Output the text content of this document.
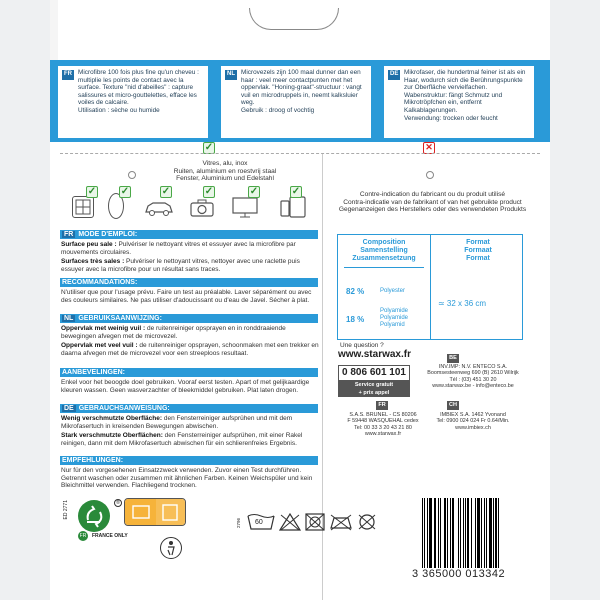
FR Microfibre 100 fois plus fine qu'un cheveu : multiplie les points de contact avec la surface. Texture "nid d'abeilles" : capture salissures et micro-gouttelettes, efface les voiles de calcaire.
Utilisation : sèche ou humide
NL Microvezels zijn 100 maal dunner dan een haar : veel meer contactpunten met het oppervlak. "Honing-graat"-structuur : vangt vuil en microdruppels in, neemt kalksluier weg.
Gebruik : droog of vochtig
DE Mikrofaser, die hundertmal feiner ist als ein Haar, wodurch sich die Berührungspunkte zur Oberfläche vervielfachen. Wabenstruktur: fängt Schmutz und Mikrotröpfchen ein, entfernt Kalkablagerungen.
Verwendung: trocken oder feucht
✓	✕
Vitres, alu, inox
Ruiten, aluminium en roestvrij staal
Fenster, Aluminium und Edelstahl
✓ ✓	✓	✓	✓	✓	Contre-indication du fabricant ou du produit utilisé
Contra-indicatie van de fabrikant of van het gebruikte product
Gegenanzeigen des Herstellers oder des verwendeten Produkts
FR MODE D'EMPLOI:
Surface peu sale : Pulvériser le nettoyant vitres et essuyer avec la microfibre par mouvements circulaires.
Surfaces très sales : Pulvériser le nettoyant vitres, nettoyer avec une raclette puis essuyer avec la microfibre pour un résultat sans traces.
RECOMMANDATIONS:
N'utiliser que pour l'usage prévu. Faire un test au préalable. Laver séparément ou avec des couleurs similaires. Ne pas utiliser d'adoucissant ou d'eau de Javel. Sécher à plat.
NL GEBRUIKSAANWIJZING:
Oppervlak met weinig vuil : de ruitenreiniger opsprayen en in ronddraaiende bewegingen afvegen met de microvezel.
Oppervlak met veel vuil : de ruitenreiniger opsprayen, schoonmaken met een trekker en daarna afvegen met de microvezel voor een streeploos resultaat.
AANBEVELINGEN:
Enkel voor het beoogde doel gebruiken. Vooraf eerst testen. Apart of met gelijkaardige kleuren wassen. Geen wasverzachter of bleekmiddel gebruiken. Plat laten drogen.
DE GEBRAUCHSANWEISUNG:
Wenig verschmutzte Oberfläche: den Fensterreiniger aufsprühen und mit dem Mikrofasertuch in kreisenden Bewegungen abwischen.
Stark verschmutzte Oberflächen: den Fensterreiniger aufsprühen, mit einer Rakel reinigen, dann mit dem Mikrofasertuch abwischen für ein schlierenfreies Ergebnis.
EMPFEHLUNGEN:
Nur für den vorgesehenen Einsatzzweck verwenden. Zuvor einen Test durchführen. Getrennt waschen oder zusammen mit ähnlichen Farben. Keinen Weichspüler und kein Bleichmittel verwenden. Flachliegend trocknen.
Composition
Samenstelling
Zusammensetzung
Format
Formaat
Format
82 %	Polyester
18 %
Polyamide
Polyamide
Polyamid
≃ 32 x 36 cm
Une question ?
www.starwax.fr
0 806 601 101
Service gratuit
+ prix appel
BE
INV.IMP: N.V. ENTECO S.A.
Boomsesteenweg 690 (B) 2610 Wilrijk
Tél : (03) 451 30 20
www.starwax.be - info@enteco.be
FR
S.A.S. BRUNEL - CS 80206
F 59448 WASQUEHAL cedex
Tel: 00 33 3 20 43 21 80
www.starwax.fr
CH
IMBIEX S.A. 1462 Yvonand
Tel: 0900 024 024 Fr 0.64/Min.
www.imbiex.ch
ED 2771	®
FR	FRANCE ONLY
2796 60
3 365000 013342
